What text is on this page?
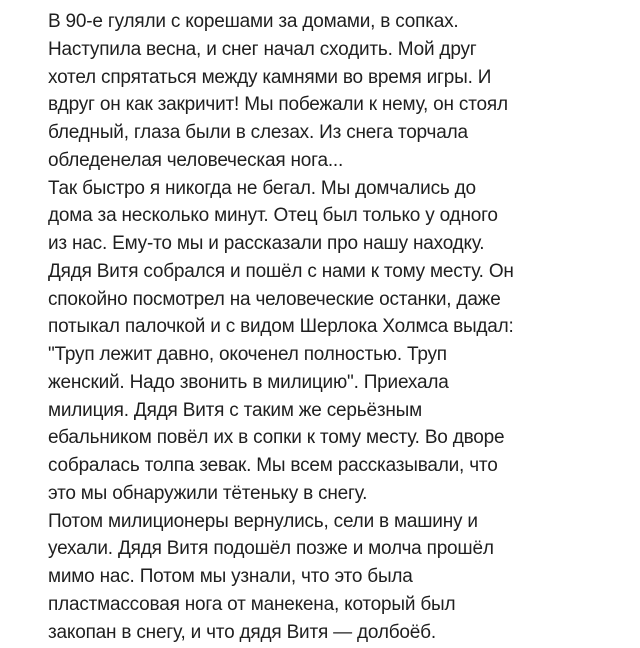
В 90-е гуляли с корешами за домами, в сопках.
Наступила весна, и снег начал сходить. Мой друг
хотел спрятаться между камнями во время игры. И
вдруг он как закричит! Мы побежали к нему, он стоял
бледный, глаза были в слезах. Из снега торчала
обледенелая человеческая нога...
Так быстро я никогда не бегал. Мы домчались до
дома за несколько минут. Отец был только у одного
из нас. Ему-то мы и рассказали про нашу находку.
Дядя Витя собрался и пошёл с нами к тому месту. Он
спокойно посмотрел на человеческие останки, даже
потыкал палочкой и с видом Шерлока Холмса выдал:
"Труп лежит давно, окоченел полностью. Труп
женский. Надо звонить в милицию". Приехала
милиция. Дядя Витя с таким же серьёзным
ебальником повёл их в сопки к тому месту. Во дворе
собралась толпа зевак. Мы всем рассказывали, что
это мы обнаружили тётеньку в снегу.
Потом милиционеры вернулись, сели в машину и
уехали. Дядя Витя подошёл позже и молча прошёл
мимо нас. Потом мы узнали, что это была
пластмассовая нога от манекена, который был
закопан в снегу, и что дядя Витя — долбоёб.
